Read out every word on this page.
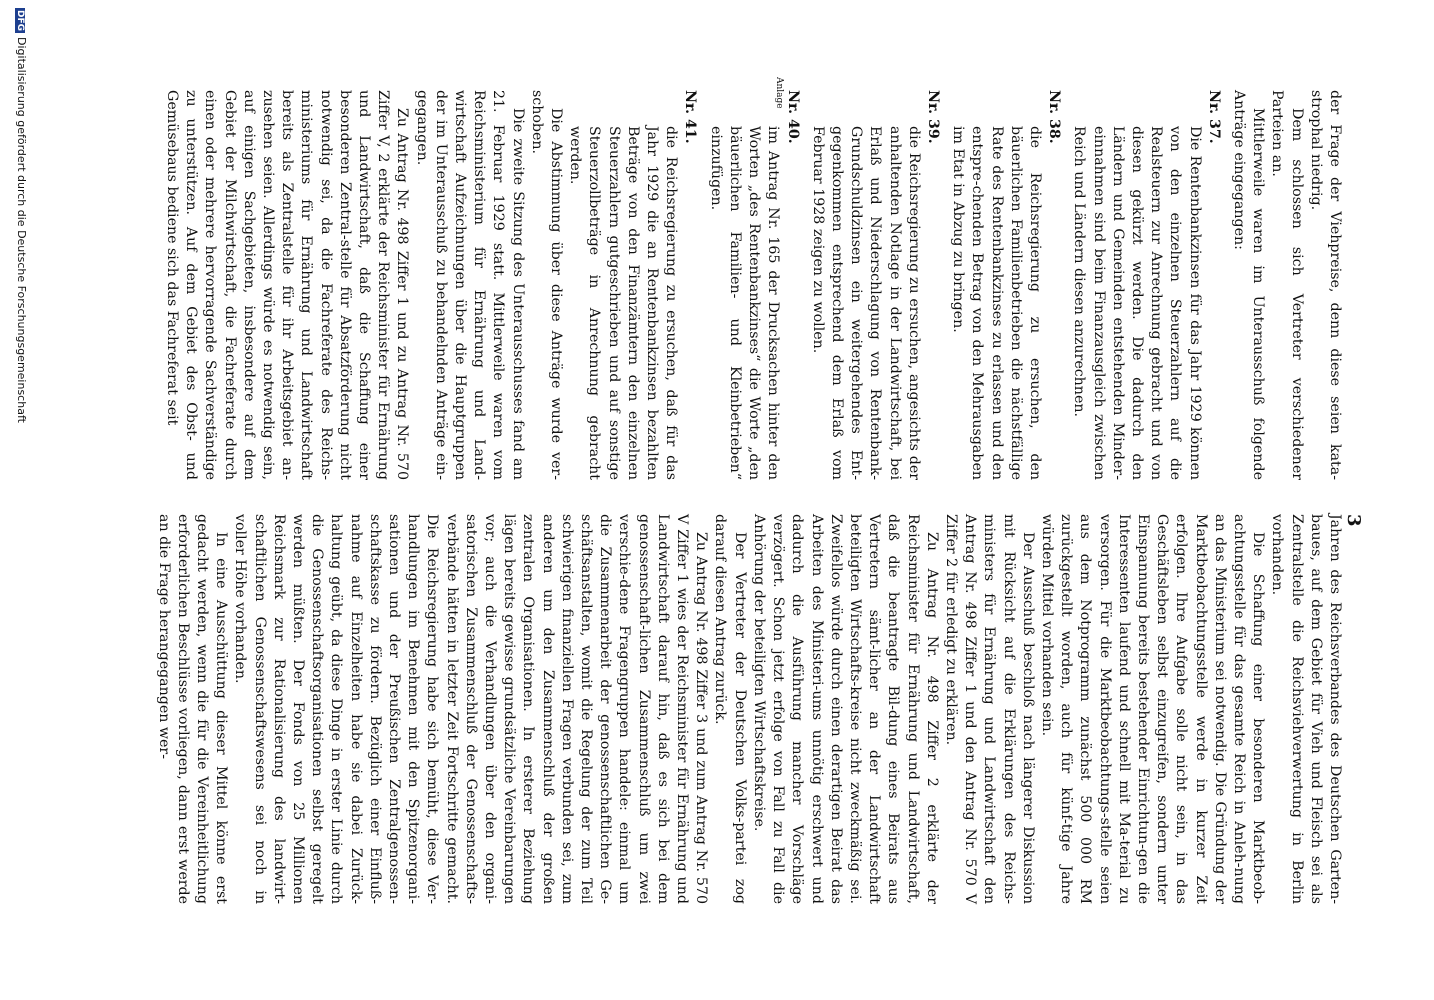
3

der Frage der Viehpreise, denn diese seien kata-strophal niedrig.

Dem schlossen sich Vertreter verschiedener Parteien an.

Mittlerweile waren im Unterausschuß folgende Anträge eingegangen:

Nr. 37.

Die Rentenbankzinsen für das Jahr 1929 können von den einzelnen Steuerzahlern auf die Realsteuern zur Anrechnung gebracht und von diesen gekürzt werden. Die dadurch den Ländern und Gemeinden entstehenden Minder-einnahmen sind beim Finanzausgleich zwischen Reich und Ländern diesen anzurechnen.

Nr. 38.

die Reichsregierung zu ersuchen, den bäuerlichen Familienbetrieben die nächstfällige Rate des Rentenbankzinses zu erlassen und den entspre-chenden Betrag von den Mehrausgaben im Etat in Abzug zu bringen.

Nr. 39.

die Reichsregierung zu ersuchen, angesichts der anhaltenden Notlage in der Landwirtschaft, bei Erlaß und Niederschlagung von Rentenbank-Grundschuldzinsen ein weitergehendes Ent-gegenkommen entsprechend dem Erlaß vom Februar 1928 zeigen zu wollen.

Nr. 40.

im Antrag Nr. 165 der Drucksachen hinter den Worten „des Rentenbankzinses“ die Worte „den bäuerlichen Familien- und Kleinbetrieben“ einzufügen.

Nr. 41.

die Reichsregierung zu ersuchen, daß für das Jahr 1929 die an Rentenbankzinsen bezahlten Beträge von den Finanzämtern den einzelnen Steuerzahlern gutgeschrieben und auf sonstige Steuerzollbeträge in Anrechnung gebracht werden.

Die Abstimmung über diese Anträge wurde ver-schoben.

Die zweite Sitzung des Unterausschusses fand am 21. Februar 1929 statt. Mittlerweile waren vom Reichsministerium für Ernährung und Land-wirtschaft Aufzeichnungen über die Hauptgruppen der im Unterausschuß zu behandelnden Anträge ein-gegangen.

Zu Antrag Nr. 498 Ziffer 1 und zu Antrag Nr. 570 Ziffer V, 2 erklärte der Reichsminister für Ernährung und Landwirtschaft, daß die Schaffung einer besonderen Zentral-stelle für Absatzförderung nicht notwendig sei, da die Fachreferate des Reichs-ministeriums für Ernährung und Landwirtschaft bereits als Zentralstelle für ihr Arbeitsgebiet an-zusehen seien. Allerdings würde es notwendig sein, auf einigen Sachgebieten, insbesondere auf dem Gebiet der Milchwirtschaft, die Fachreferate durch einen oder mehrere hervorragende Sachverständige zu unterstützen. Auf dem Gebiet des Obst- und Gemüsebaus bediene sich das Fachreferat seit	Anlage

Jahren des Reichsverbandes des Deutschen Garten-baues, auf dem Gebiet für Vieh und Fleisch sei als Zentralstelle die Reichsviehverwertung in Berlin vorhanden.

Die Schaffung einer besonderen Marktbeob-achtungsstelle für das gesamte Reich in Anleh-nung an das Ministerium sei notwendig. Die Gründung der Marktbeobachtungsstelle werde in kurzer Zeit erfolgen. Ihre Aufgabe solle nicht sein, in das Geschäftsleben selbst einzugreifen, sondern unter Einspannung bereits bestehender Einrichtun-gen die Interessenten laufend und schnell mit Ma-terial zu versorgen. Für die Marktbeobachtungs-stelle seien aus dem Notprogramm zunächst 500 000 RM zurückgestellt worden, auch für künf-tige Jahre würden Mittel vorhanden sein.

Der Ausschuß beschloß nach längerer Diskussion mit Rücksicht auf die Erklärungen des Reichs-ministers für Ernährung und Landwirtschaft den Antrag Nr. 498 Ziffer 1 und den Antrag Nr. 570 V Ziffer 2 für erledigt zu erklären.

Zu Antrag Nr. 498 Ziffer 2 erklärte der Reichsminister für Ernährung und Landwirtschaft, daß die beantragte Bil-dung eines Beirats aus Vertretern sämt-licher an der Landwirtschaft beteiligten Wirtschafts-kreise nicht zweckmäßig sei. Zweifellos würde durch einen derartigen Beirat das Arbeiten des Ministeri-ums unnötig erschwert und dadurch die Ausführung mancher Vorschläge verzögert. Schon jetzt erfolge von Fall zu Fall die Anhörung der beteiligten Wirtschaftskreise.

Der Vertreter der Deutschen Volks-partei zog darauf diesen Antrag zurück.

Zu Antrag Nr. 498 Ziffer 3 und zum Antrag Nr. 570 V Ziffer 1 wies der Reichsminister für Ernährung und Landwirtschaft darauf hin, daß es sich bei dem genossenschaft-lichen Zusammenschluß um zwei verschie-dene Fragengruppen handele: einmal um die Zusammenarbeit der genossenschaftlichen Ge-schäftsanstalten, womit die Regelung der zum Teil schwierigen finanziellen Fragen verbunden sei, zum anderen um den Zusammenschluß der großen zentralen Organisationen. In ersterer Beziehung lägen bereits gewisse grundsätzliche Vereinbarungen vor; auch die Verhandlungen über den organi-satorischen Zusammenschluß der Genossenschafts-verbände hätten in letzter Zeit Fortschritte gemacht. Die Reichsregierung habe sich bemüht, diese Ver-handlungen im Benehmen mit den Spitzenorgani-sationen und der Preußischen Zentralgenossen-schaftskasse zu fördern. Bezüglich einer Einfluß-nahme auf Einzelheiten habe sie dabei Zurück-haltung geübt, da diese Dinge in erster Linie durch die Genossenschaftsorganisationen selbst geregelt werden müßten. Der Fonds von 25 Millionen Reichsmark zur Rationalisierung des landwirt-schaftlichen Genossenschaftswesens sei noch in voller Höhe vorhanden.

In eine Ausschüttung dieser Mittel könne erst gedacht werden, wenn die für die Vereinheitlichung erforderlichen Beschlüsse vorliegen, dann erst werde an die Frage herangegangen wer-

DFGDigitalisierung gefördert durch die Deutsche Forschungsgemeinschaft
